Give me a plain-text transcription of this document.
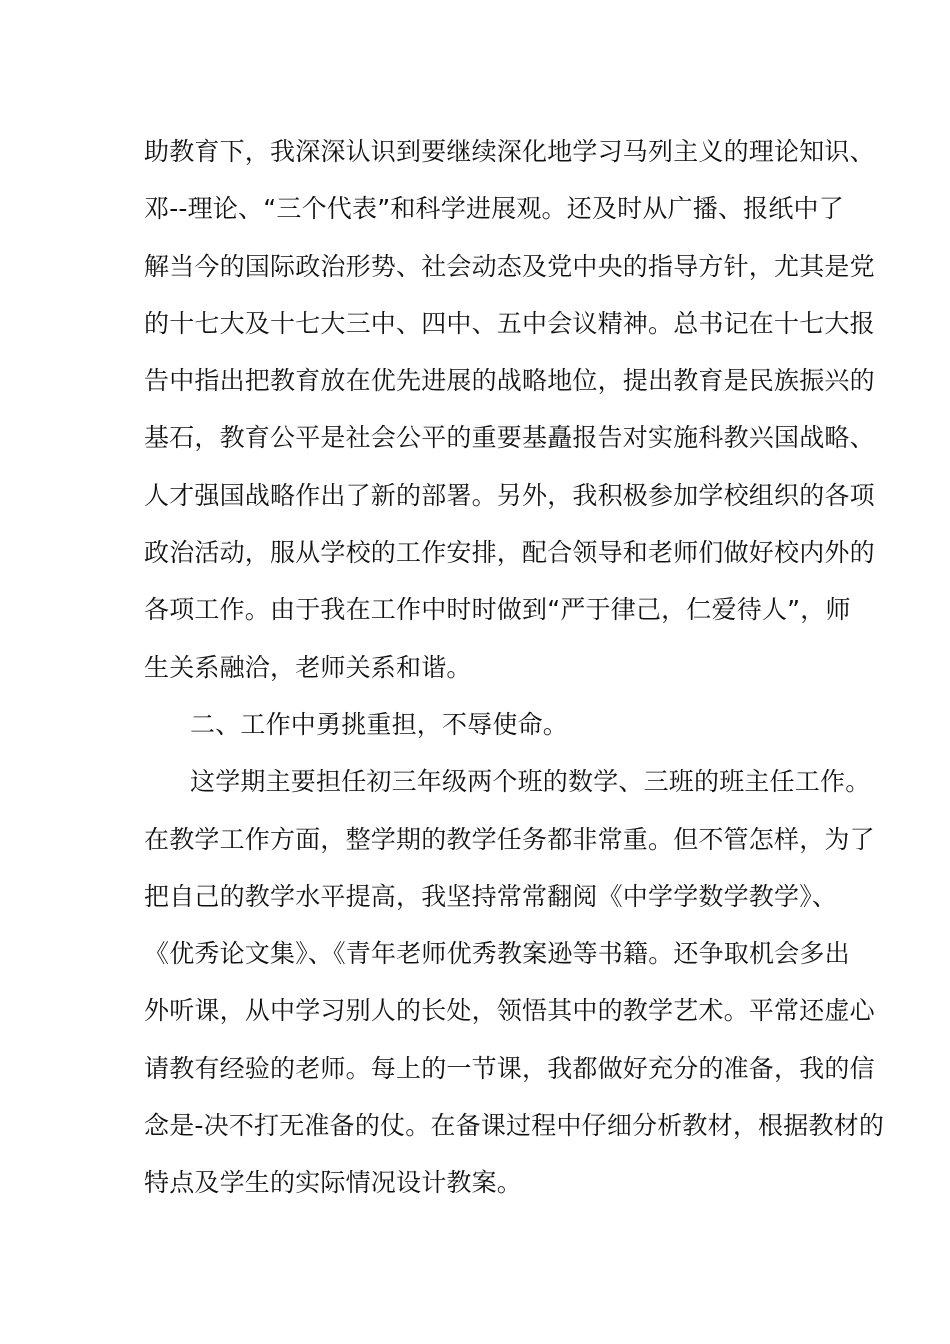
助教育下，我深深认识到要继续深化地学习马列主义的理论知识、
邓--理论、“三个代表”和科学进展观。还及时从广播、报纸中了
解当今的国际政治形势、社会动态及党中央的指导方针，尤其是党
的十七大及十七大三中、四中、五中会议精神。总书记在十七大报
告中指出把教育放在优先进展的战略地位，提出教育是民族振兴的
基石，教育公平是社会公平的重要基矗报告对实施科教兴国战略、
人才强国战略作出了新的部署。另外，我积极参加学校组织的各项
政治活动，服从学校的工作安排，配合领导和老师们做好校内外的
各项工作。由于我在工作中时时做到“严于律己，仁爱待人”，师
生关系融洽，老师关系和谐。
二、工作中勇挑重担，不辱使命。
这学期主要担任初三年级两个班的数学、三班的班主任工作。
在教学工作方面，整学期的教学任务都非常重。但不管怎样，为了
把自己的教学水平提高，我坚持常常翻阅《中学学数学教学》、
《优秀论文集》、《青年老师优秀教案逊等书籍。还争取机会多出
外听课，从中学习别人的长处，领悟其中的教学艺术。平常还虚心
请教有经验的老师。每上的一节课，我都做好充分的准备，我的信
念是-决不打无准备的仗。在备课过程中仔细分析教材，根据教材的
特点及学生的实际情况设计教案。
